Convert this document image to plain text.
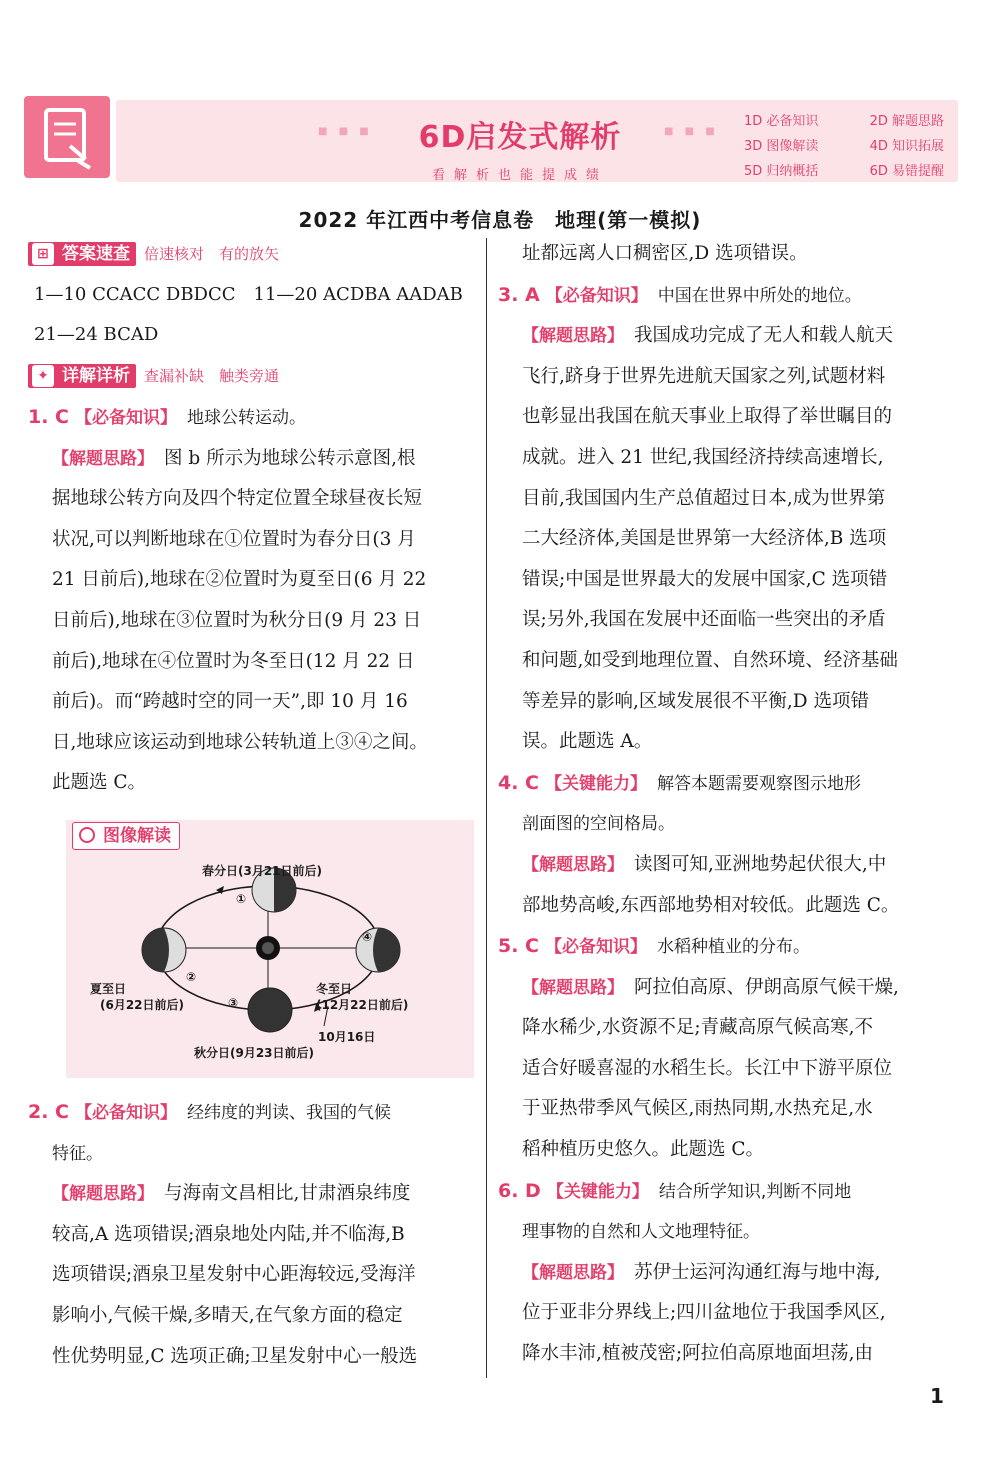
■ ■ ■	■ ■ ■
6D启发式解析
看解析也能提成绩
1D 必备知识	2D 解题思路
3D 图像解读	4D 知识拓展
5D 归纳概括	6D 易错提醒
2022 年江西中考信息卷　地理(第一模拟)
⊞ 答案速查 倍速核对　有的放矢
1—10 CCACC DBDCC　11—20 ACDBA AADAB
21—24 BCAD
✦ 详解详析 查漏补缺　触类旁通
1. C 【必备知识】 地球公转运动。
【解题思路】 图 b 所示为地球公转示意图,根
据地球公转方向及四个特定位置全球昼夜长短
状况,可以判断地球在①位置时为春分日(3 月
21 日前后),地球在②位置时为夏至日(6 月 22
日前后),地球在③位置时为秋分日(9 月 23 日
前后),地球在④位置时为冬至日(12 月 22 日
前后)。而“跨越时空的同一天”,即 10 月 16
日,地球应该运动到地球公转轨道上③④之间。
此题选 C。
春分日(3月21日前后)
①
夏至日
(6月22日前后)
②
冬至日
(12月22日前后)
④
③
10月16日
秋分日(9月23日前后)
图像解读
2. C 【必备知识】 经纬度的判读、我国的气候
特征。
【解题思路】 与海南文昌相比,甘肃酒泉纬度
较高,A 选项错误;酒泉地处内陆,并不临海,B
选项错误;酒泉卫星发射中心距海较远,受海洋
影响小,气候干燥,多晴天,在气象方面的稳定
性优势明显,C 选项正确;卫星发射中心一般选
址都远离人口稠密区,D 选项错误。
3. A 【必备知识】 中国在世界中所处的地位。
【解题思路】 我国成功完成了无人和载人航天
飞行,跻身于世界先进航天国家之列,试题材料
也彰显出我国在航天事业上取得了举世瞩目的
成就。进入 21 世纪,我国经济持续高速增长,
目前,我国国内生产总值超过日本,成为世界第
二大经济体,美国是世界第一大经济体,B 选项
错误;中国是世界最大的发展中国家,C 选项错
误;另外,我国在发展中还面临一些突出的矛盾
和问题,如受到地理位置、自然环境、经济基础
等差异的影响,区域发展很不平衡,D 选项错
误。此题选 A。
4. C 【关键能力】 解答本题需要观察图示地形
剖面图的空间格局。
【解题思路】 读图可知,亚洲地势起伏很大,中
部地势高峻,东西部地势相对较低。此题选 C。
5. C 【必备知识】 水稻种植业的分布。
【解题思路】 阿拉伯高原、伊朗高原气候干燥,
降水稀少,水资源不足;青藏高原气候高寒,不
适合好暖喜湿的水稻生长。长江中下游平原位
于亚热带季风气候区,雨热同期,水热充足,水
稻种植历史悠久。此题选 C。
6. D 【关键能力】 结合所学知识,判断不同地
理事物的自然和人文地理特征。
【解题思路】 苏伊士运河沟通红海与地中海,
位于亚非分界线上;四川盆地位于我国季风区,
降水丰沛,植被茂密;阿拉伯高原地面坦荡,由
1
